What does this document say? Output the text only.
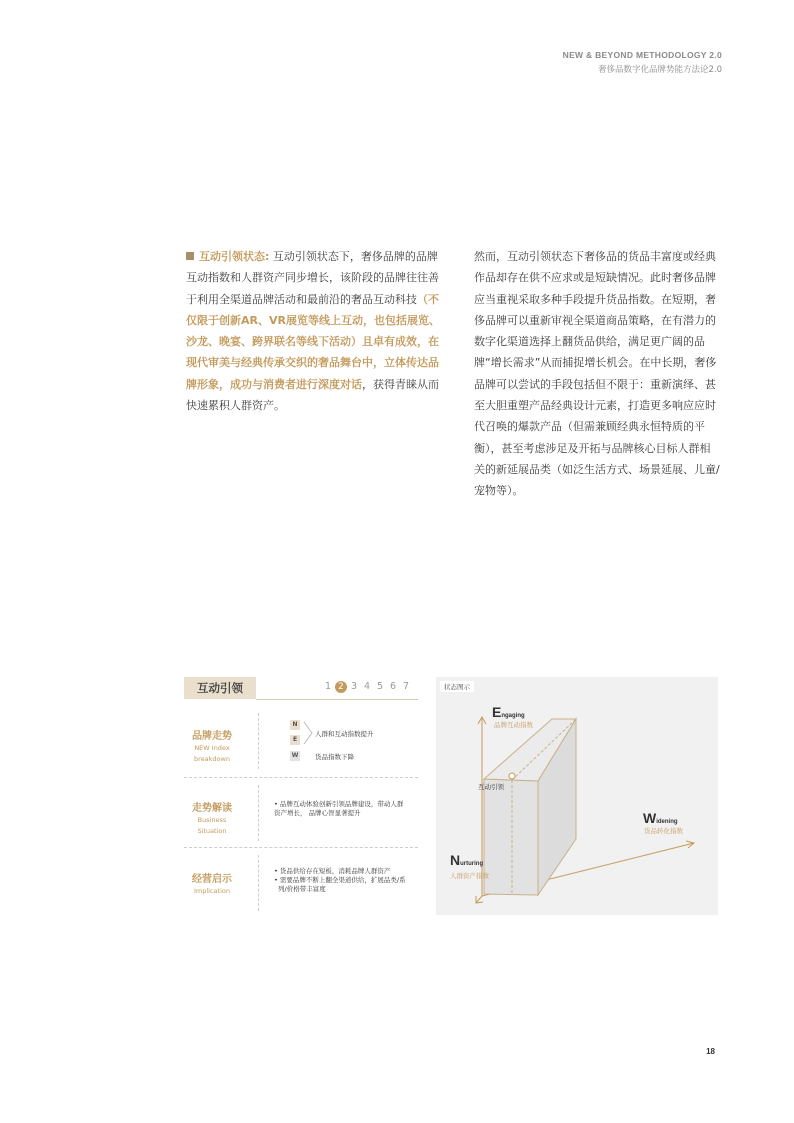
NEW & BEYOND METHODOLOGY 2.0
奢侈品数字化品牌势能方法论2.0
互动引领状态: 互动引领状态下，奢侈品牌的品牌互动指数和人群资产同步增长，该阶段的品牌往往善于利用全渠道品牌活动和最前沿的奢品互动科技（不仅限于创新AR、VR展览等线上互动，也包括展览、沙龙、晚宴、跨界联名等线下活动）且卓有成效，在现代审美与经典传承交织的奢品舞台中，立体传达品牌形象，成功与消费者进行深度对话，获得青睐从而快速累积人群资产。
然而，互动引领状态下奢侈品的货品丰富度或经典作品却存在供不应求或是短缺情况。此时奢侈品牌应当重视采取多种手段提升货品指数。在短期，奢侈品牌可以重新审视全渠道商品策略，在有潜力的数字化渠道选择上翻货品供给，满足更广阔的品牌“增长需求”从而捕捉增长机会。在中长期，奢侈品牌可以尝试的手段包括但不限于：重新演绎、甚至大胆重塑产品经典设计元素，打造更多响应应时代召唤的爆款产品（但需兼顾经典永恒特质的平衡），甚至考虑涉足及开拓与品牌核心目标人群相关的新延展品类（如泛生活方式、场景延展、儿童/宠物等）。
互动引领	1 2 3 4 5 6 7
品牌走势
NEW Index
breakdown
N
E
W
人群和互动指数提升
货品指数下降
走势解读
Business
Situation
• 品牌互动体验创新引领品牌建设，带动人群
资产增长， 品牌心智显著提升
经营启示
Implication
• 货品供给存在短板，消耗品牌人群资产
• 需要品牌不断上翻全渠道供给，扩展品类/系
列/价格带丰富度
状态图示
Engaging
品牌互动指数
Widening
货品转化指数
Nurturing
人群资产指数
互动引领
18
